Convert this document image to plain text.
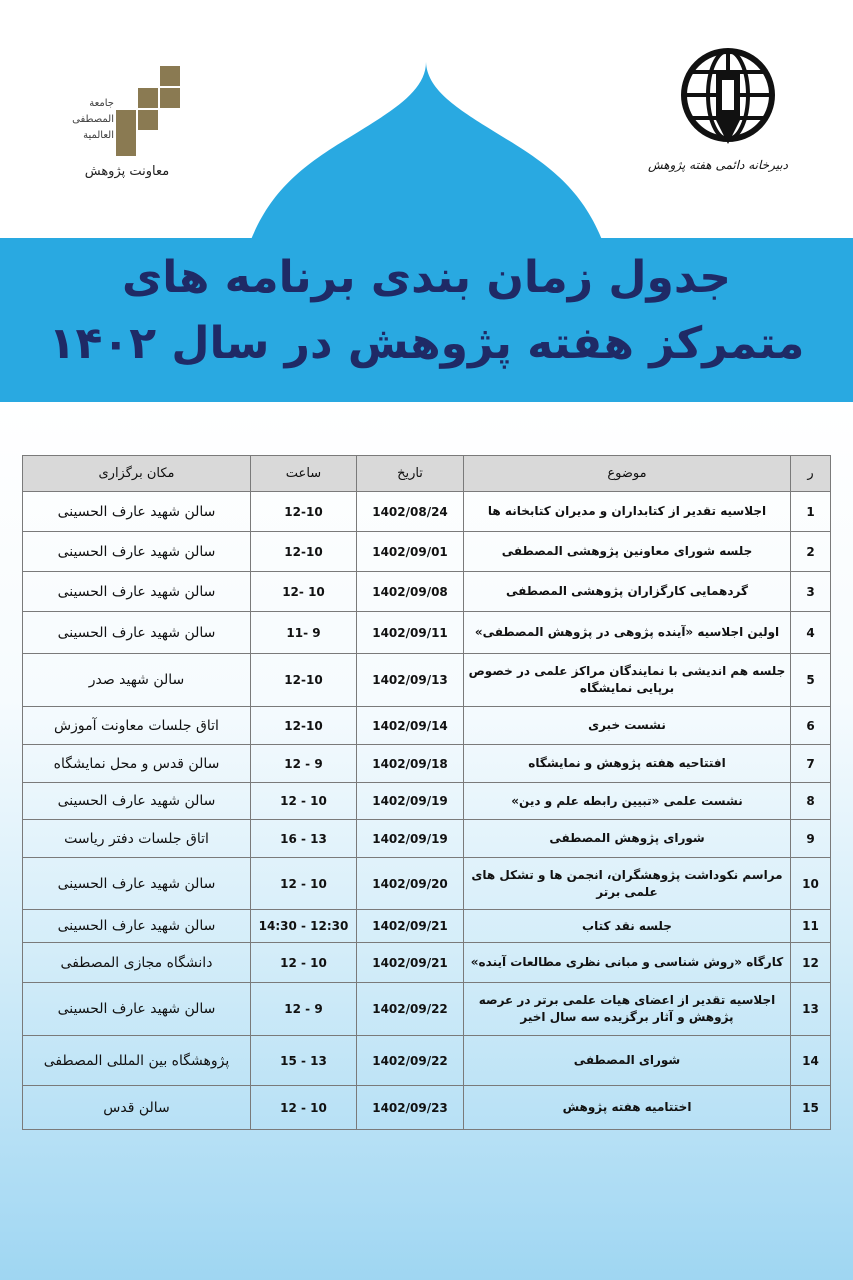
جدول زمان بندی برنامه های
متمرکز هفته پژوهش در سال ۱۴۰۲
جامعة المصطفی العالمیة
معاونت پژوهش	دبیرخانه دائمی هفته پژوهش
ر	موضوع	تاریخ	ساعت	مکان برگزاری
1	اجلاسیه تقدیر از کتابداران و مدیران کتابخانه ها	1402/08/24	12-10	سالن شهید عارف الحسینی
2	جلسه شورای معاونین پژوهشی المصطفی	1402/09/01	12-10	سالن شهید عارف الحسینی
3	گردهمایی کارگزاران پژوهشی المصطفی	1402/09/08	10 -12	سالن شهید عارف الحسینی
4	اولین اجلاسیه «آینده پژوهی در پژوهش المصطفی»	1402/09/11	9 -11	سالن شهید عارف الحسینی
5	جلسه هم اندیشی با نمایندگان مراکز علمی در خصوص برپایی نمایشگاه	1402/09/13	12-10	سالن شهید صدر
6	نشست خبری	1402/09/14	12-10	اتاق جلسات معاونت آموزش
7	افتتاحیه هفته پژوهش و نمایشگاه	1402/09/18	9 - 12	سالن قدس و محل نمایشگاه
8	نشست علمی «تبیین رابطه علم و دین»	1402/09/19	10 - 12	سالن شهید عارف الحسینی
9	شورای پژوهش المصطفی	1402/09/19	13 - 16	اتاق جلسات دفتر ریاست
10	مراسم نکوداشت پژوهشگران، انجمن ها و تشکل های علمی برتر	1402/09/20	10 - 12	سالن شهید عارف الحسینی
11	جلسه نقد کتاب	1402/09/21	12:30 - 14:30	سالن شهید عارف الحسینی
12	کارگاه «روش شناسی و مبانی نظری مطالعات آینده»	1402/09/21	10 - 12	دانشگاه مجازی المصطفی
13	اجلاسیه تقدیر از اعضای هیات علمی برتر در عرصه پژوهش و آثار برگزیده سه سال اخیر	1402/09/22	9 - 12	سالن شهید عارف الحسینی
14	شورای المصطفی	1402/09/22	13 - 15	پژوهشگاه بین المللی المصطفی
15	اختتامیه هفته پژوهش	1402/09/23	10 - 12	سالن قدس
